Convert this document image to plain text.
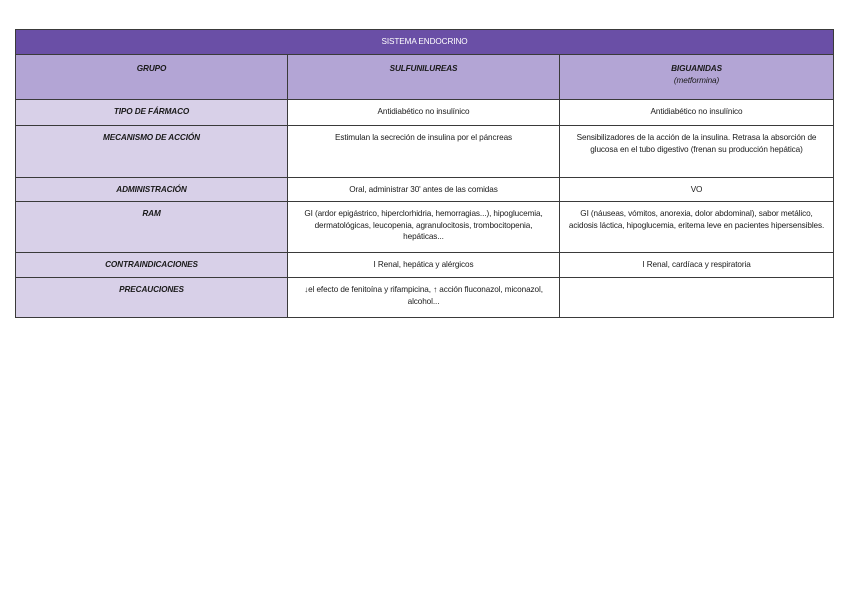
SISTEMA ENDOCRINO		
GRUPO	SULFUNILUREAS	BIGUANIDAS
(metformina)

TIPO DE FÁRMACO	Antidiabético no insulínico	Antidiabético no insulínico
MECANISMO DE ACCIÓN	Estimulan la secreción de insulina por el páncreas	Sensibilizadores de la acción de la insulina. Retrasa la absorción de glucosa en el tubo digestivo (frenan su producción hepática)
ADMINISTRACIÓN	Oral, administrar 30' antes de las comidas	VO
RAM	GI (ardor epigástrico, hiperclorhidria, hemorragias...), hipoglucemia, dermatológicas, leucopenia, agranulocitosis, trombocitopenia, hepáticas...	GI (náuseas, vómitos, anorexia, dolor abdominal), sabor metálico, acidosis láctica, hipoglucemia, eritema leve en pacientes hipersensibles.
CONTRAINDICACIONES	I Renal, hepática y alérgicos	I Renal, cardíaca y respiratoria
PRECAUCIONES	↓el efecto de fenitoína y rifampicina, ↑ acción fluconazol, miconazol, alcohol...	
